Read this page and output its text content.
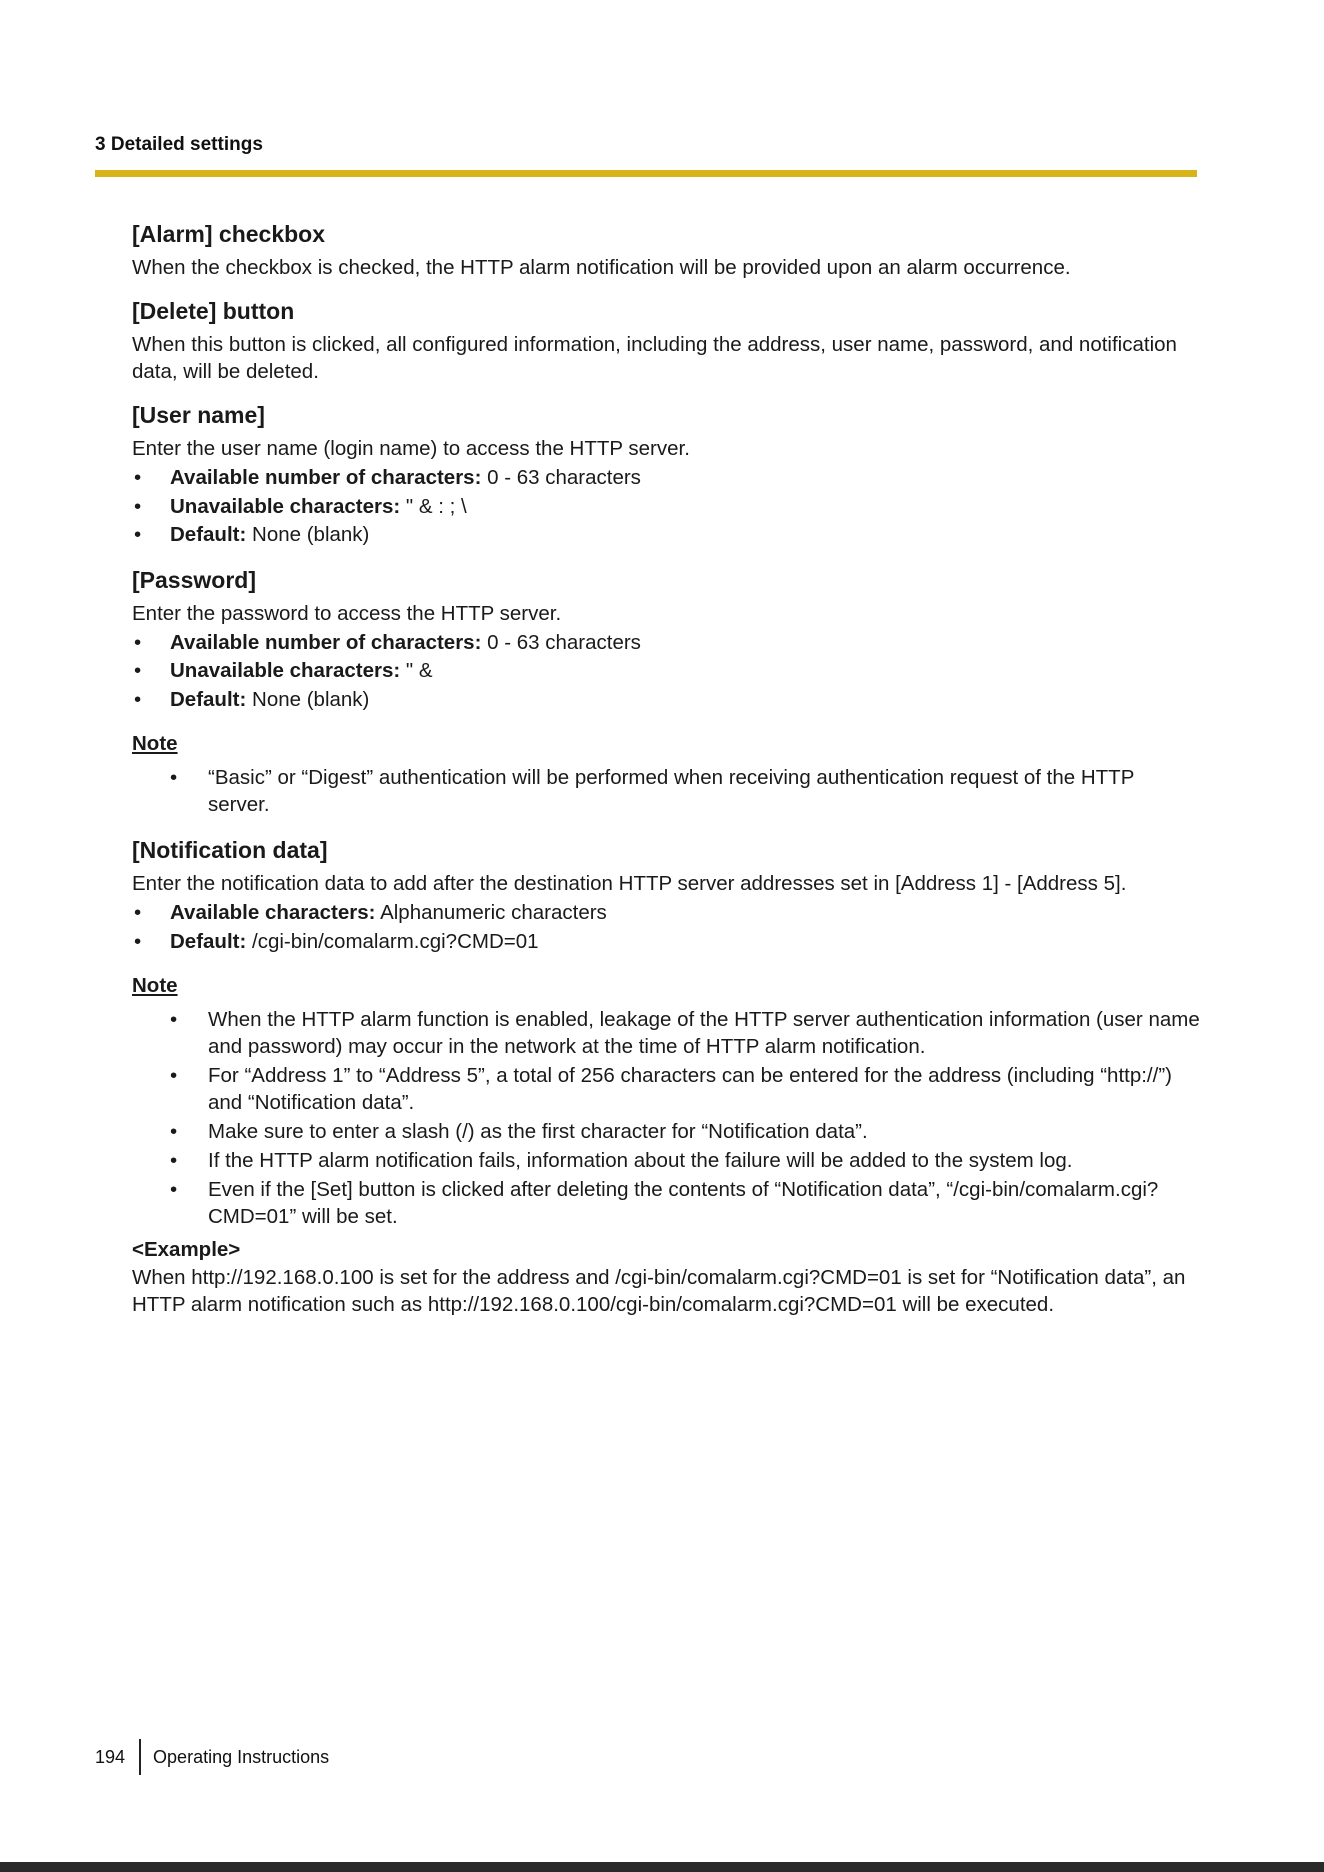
3 Detailed settings
[Alarm] checkbox

When the checkbox is checked, the HTTP alarm notification will be provided upon an alarm occurrence.

[Delete] button

When this button is clicked, all configured information, including the address, user name, password, and notification data, will be deleted.

[User name]

Enter the user name (login name) to access the HTTP server.

• Available number of characters: 0 - 63 characters
• Unavailable characters: " & : ; \
• Default: None (blank)
[Password]

Enter the password to access the HTTP server.

• Available number of characters: 0 - 63 characters
• Unavailable characters: " &
• Default: None (blank)

Note

• “Basic” or “Digest” authentication will be performed when receiving authentication request of the HTTP server.
[Notification data]

Enter the notification data to add after the destination HTTP server addresses set in [Address 1] - [Address 5].

• Available characters: Alphanumeric characters
• Default: /cgi-bin/comalarm.cgi?CMD=01

Note

• When the HTTP alarm function is enabled, leakage of the HTTP server authentication information (user name and password) may occur in the network at the time of HTTP alarm notification.
• For “Address 1” to “Address 5”, a total of 256 characters can be entered for the address (including “http://”) and “Notification data”.
• Make sure to enter a slash (/) as the first character for “Notification data”.
• If the HTTP alarm notification fails, information about the failure will be added to the system log.
• Even if the [Set] button is clicked after deleting the contents of “Notification data”, “/cgi-bin/comalarm.cgi?CMD=01” will be set.

<Example>

When http://192.168.0.100 is set for the address and /cgi-bin/comalarm.cgi?CMD=01 is set for “Notification data”, an HTTP alarm notification such as http://192.168.0.100/cgi-bin/comalarm.cgi?CMD=01 will be executed.

194 Operating Instructions
